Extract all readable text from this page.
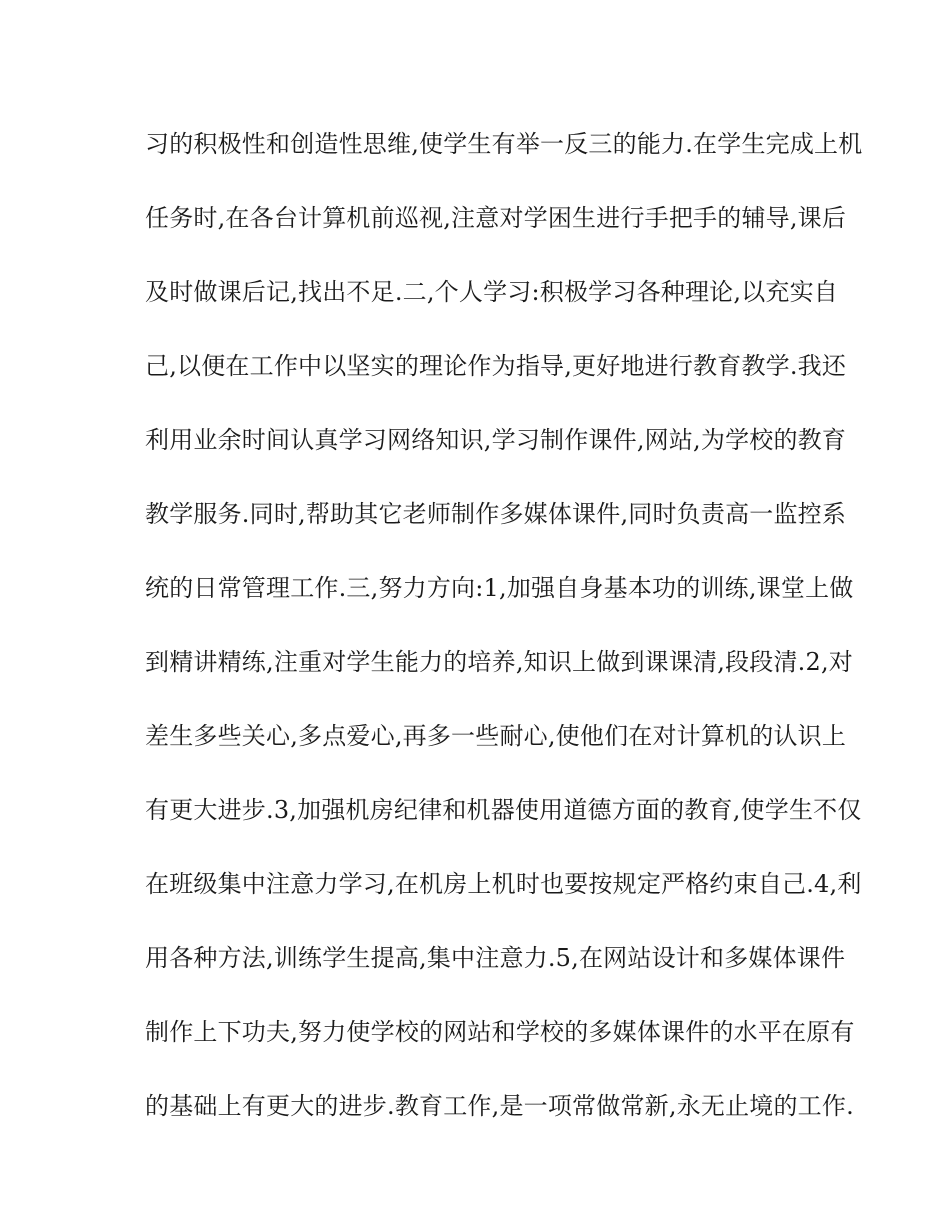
习的积极性和创造性思维,使学生有举一反三的能力.在学生完成上机
任务时,在各台计算机前巡视,注意对学困生进行手把手的辅导,课后
及时做课后记,找出不足.二,个人学习:积极学习各种理论,以充实自
己,以便在工作中以坚实的理论作为指导,更好地进行教育教学.我还
利用业余时间认真学习网络知识,学习制作课件,网站,为学校的教育
教学服务.同时,帮助其它老师制作多媒体课件,同时负责高一监控系
统的日常管理工作.三,努力方向:1,加强自身基本功的训练,课堂上做
到精讲精练,注重对学生能力的培养,知识上做到课课清,段段清.2,对
差生多些关心,多点爱心,再多一些耐心,使他们在对计算机的认识上
有更大进步.3,加强机房纪律和机器使用道德方面的教育,使学生不仅
在班级集中注意力学习,在机房上机时也要按规定严格约束自己.4,利
用各种方法,训练学生提高,集中注意力.5,在网站设计和多媒体课件
制作上下功夫,努力使学校的网站和学校的多媒体课件的水平在原有
的基础上有更大的进步.教育工作,是一项常做常新,永无止境的工作.
